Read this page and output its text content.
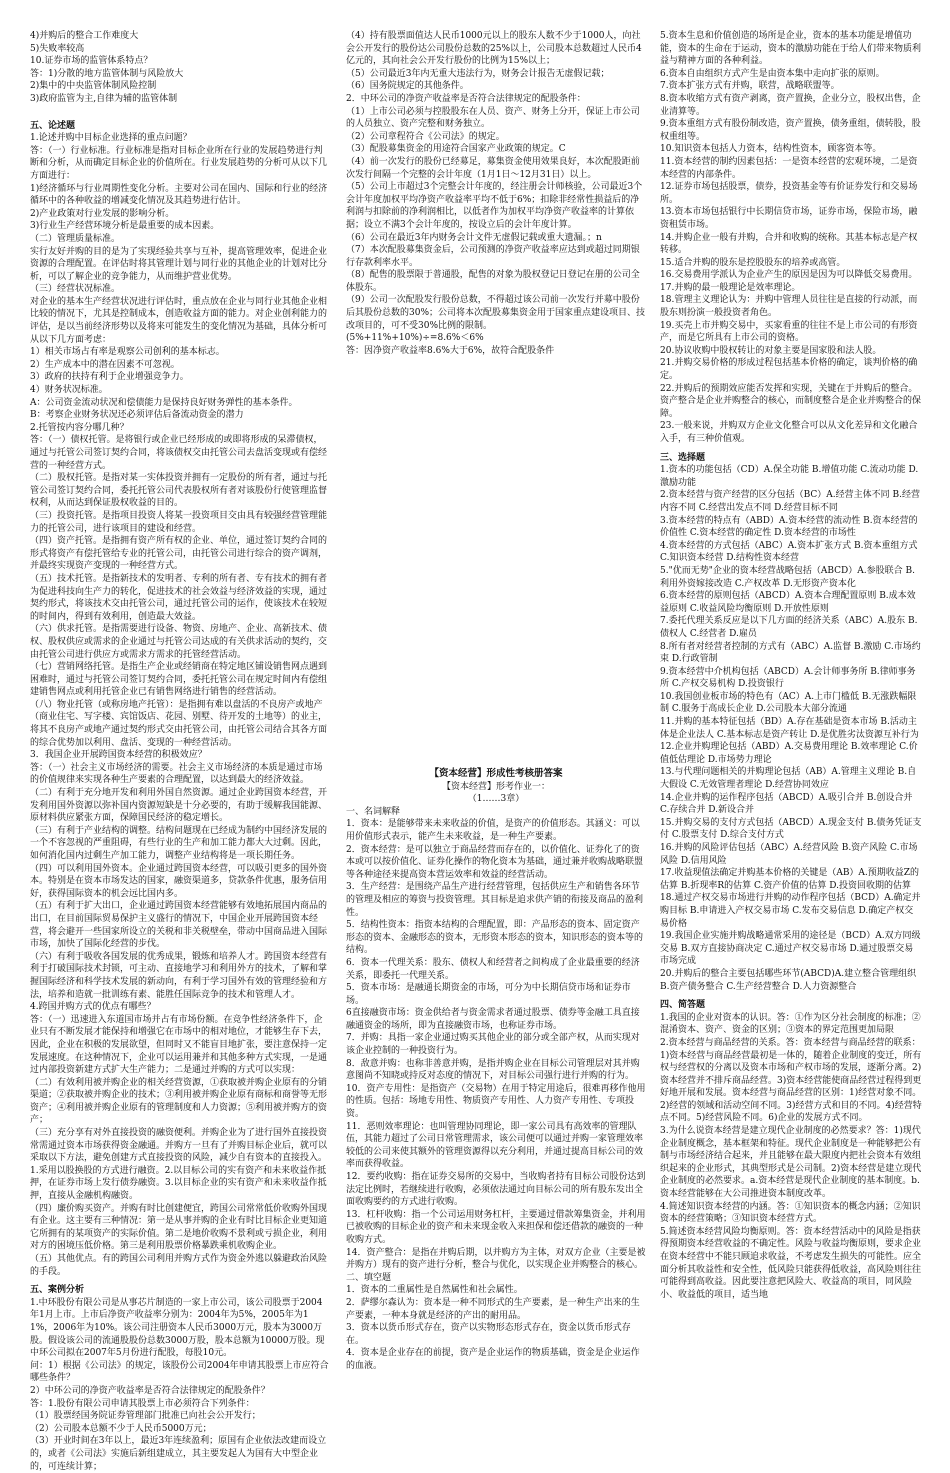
4)并购后的整合工作难度大

5)失败率较高

10.证券市场的监管体系特点？

答：1)分散的地方监管体制与风险放大

2)集中的中央监管体制风险控制

3)政府监管为主,自律为辅的监管体制

五、论述题

1.论述并购中目标企业选择的重点问题？

答：（一）行业标准。行业标准是指对目标企业所在行业的发展趋势进行判断和分析，从而确定目标企业的价值所在。行业发展趋势的分析可从以下几方面进行：

1)经济循环与行业周期性变化分析。主要对公司在国内、国际和行业的经济循环中的各种收益的增减变化情况及其趋势进行估计。

2)产业政策对行业发展的影响分析。

3)行业生产经营环境分析是最重要的成本因素。

（二）管理质量标准。

实行友好并购的目的是为了实现经验共享与互补，提高管理效率，促进企业资源的合理配置。在评估时将其管理计划与同行业的其他企业的计划对比分析，可以了解企业的竞争能力，从而维护营业优势。

（三）经营状况标准。

对企业的基本生产经营状况进行评估时，重点放在企业与同行业其他企业相比较的情况下，尤其是控制成本，创造收益方面的能力。对企业创利能力的评估，是以当前经济形势以及将来可能发生的变化情况为基础，具体分析可从以下几方面考虑：

1）相关市场占有率是观察公司创利的基本标志。

2）生产成本中的潜在因素不可忽视。

3）政府的扶持有利于企业增强竞争力。

4）财务状况标准。

A：公司资金流动状况和偿债能力是保持良好财务弹性的基本条件。

B：考察企业财务状况还必须评估后备流动资金的潜力

2.托管按内容分哪几种？

答：（一）债权托管。是将银行或企业已经形成的或即将形成的呆滞债权，通过与托管公司签订契约合同，将该债权交由托管公司去盘活变现或有偿经营的一种经营方式。

（二）股权托管。是指对某一实体投资并拥有一定股份的所有者，通过与托管公司签订契约合同，委托托管公司代表股权所有者对该股份行使管理监督权利，从而达到保证股权收益的目的。

（三）投资托管。是指项目投资人将某一投资项目交由具有较强经营管理能力的托管公司，进行该项目的建设和经营。

（四）资产托管。是指拥有资产所有权的企业、单位，通过签订契约合同的形式将资产有偿托管给专业的托管公司，由托管公司进行综合的资产调剂，并最终实现资产变现的一种经营方式。

（五）技术托管。是指新技术的发明者、专利的所有者、专有技术的拥有者为促进科技向生产力的转化，促进技术的社会效益与经济效益的实现，通过契约形式，将该技术交由托管公司，通过托管公司的运作，使该技术在较短的时间内，得到有效利用，创造最大效益。

（六）供求托管。是指需要进行设备、物资、房地产、企业、高新技术、债权、股权供应或需求的企业通过与托管公司达成的有关供求活动的契约，交由托管公司进行供应方或需求方需求的托管经营活动。

（七）营销网络托管。是指生产企业或经销商在特定地区铺设销售网点遇到困难时，通过与托管公司签订契约合同，委托托管公司在规定时间内有偿组建销售网点或利用托管企业已有销售网络进行销售的经营活动。

（八）物业托管（或称房地产托管）：是指拥有难以盘活的不良房产或地产（商业住宅、写字楼、宾馆饭店、花园、别墅、待开发的土地等）的业主，将其不良房产或地产通过契约形式交由托管公司，由托管公司结合其各方面的综合优势加以利用、盘活、变现的一种经营活动。

3．我国企业开展跨国资本经营的积极效应？

答：（一）社会主义市场经济的需要。社会主义市场经济的本质是通过市场的价值规律来实现各种生产要素的合理配置，以达到最大的经济效益。

（二）有利于充分地开发和利用外国自然资源。通过企业跨国资本经营，开发利用国外资源以弥补国内资源短缺是十分必要的，有助于缓解我国能源、原材料供应紧张方面，保障国民经济的稳定增长。

（三）有利于产业结构的调整。结构问题现在已经成为制约中国经济发展的一个不容忽视的严重阻碍，有些行业的生产和加工能力都大大过剩。因此，如何消化国内过剩生产加工能力，调整产业结构将是一项长期任务。

（四）可以利用国外资本。企业通过跨国资本经营，可以吸引更多的国外资本。特别是在资本市场发达的国家，融资渠道多，贷款条件优惠，服务信用好，获得国际资本的机会远比国内多。

（五）有利于扩大出口，企业通过跨国资本经营能够有效地拓展国内商品的出口，在目前国际贸易保护主义盛行的情况下，中国企业开展跨国资本经营，将会避开一些国家所设立的关税和非关税壁垒，带动中国商品进入国际市场，加快了国际化经营的步伐。

（六）有利于吸收各国发展的优秀成果，锻炼和培养人才。跨国资本经营有利于打破国际技术封锁，可主动、直接地学习和利用外方的技术，了解和掌握国际经济和科学技术发展的新动向，有利于学习国外有效的管理经验和方法，培养和造就一批训练有素、能胜任国际竞争的技术和管理人才。

4.跨国并购方式的优点有哪些？

答：（一）迅速进入东道国市场并占有市场份额。在竞争性经济条件下，企业只有不断发展才能保持和增强它在市场中的相对地位，才能够生存下去，因此，企业在积极的发展欲望，但同时又不能盲目地扩张，要注意保持一定发展速度。在这种情况下，企业可以运用兼并和其他多种方式实现，一是通过内部投资新建方式扩大生产能力；二是通过并购的方式可以实现：

（二）有效利用被并购企业的相关经营资源，①获取被并购企业原有的分销渠道；②获取被并购企业的技术；③利用被并购企业原有商标和商誉等无形资产；④利用被并购企业原有的管理制度和人力资源；⑤利用被并购方的资产；

（三）充分享有对外直接投资的融资便利。并购企业为了进行国外直接投资常需通过资本市场获得资金融通。并购方一旦有了并购目标企业后，就可以采取以下方法，避免创建方式直接投资的风险，减少自有资本的直接投入。1.采用以股换股的方式进行融资。2.以目标公司的实有资产和未来收益作抵押，在证券市场上发行债券融资。3.以目标企业的实有资产和未来收益作抵押，直接从金融机构融资。

（四）廉价购买资产。并购有时比创建便宜，跨国公司常常低价收购外国现有企业。这主要有三种情况：第一是从事并购的企业有时比目标企业更知道它所拥有的某项资产的实际价值。第二是地价收购不景利或亏损企业，利用对方的困境压低价格。第三是利用股票价格暴跌乘机收购企业。

（五）其他优点。有的跨国公司利用并购方式作为资金外逃以躲避政治风险的手段。

五、案例分析

1.中环股份有限公司是从事芯片制造的一家上市公司，该公司股票于2004年1月上市。上市后净资产收益率分别为：2004年为5%，2005年为11%，2006年为10%。该公司注册资本人民币3000万元，股本为3000万股。假设该公司的流通股股份总数3000万股，股本总额为10000万股。现中环公司拟在2007年5月份进行配股，每股10元。

问：1）根据《公司法》的规定，该股份公司2004年申请其股票上市应符合哪些条件？

2）中环公司的净资产收益率是否符合法律规定的配股条件？

答：1.股份有限公司申请其股票上市必须符合下列条件：

（1）股票经国务院证券管理部门批准已向社会公开发行；

（2）公司股本总额不少于人民币5000万元；

（3）开业时间在3年以上，最近3年连续盈利；原国有企业依法改建而设立的，或者《公司法》实施后新组建成立，其主要发起人为国有大中型企业的，可连续计算；

（4）持有股票面值达人民币1000元以上的股东人数不少于1000人，向社会公开发行的股份达公司股份总数的25%以上，公司股本总数超过人民币4亿元的，其向社会公开发行股份的比例为15%以上；

（5）公司最近3年内无重大违法行为，财务会计报告无虚假记载；

（6）国务院规定的其他条件。

2．中环公司的净资产收益率是否符合法律规定的配股条件：

（1）上市公司必须与控股股东在人员、资产、财务上分开，保证上市公司的人员独立、资产完整和财务独立。

（2）公司章程符合《公司法》的规定。

（3）配股募集资金的用途符合国家产业政策的规定。C

（4）前一次发行的股份已经募足，募集资金使用效果良好，本次配股距前次发行间隔一个完整的会计年度（1月1日～12月31日）以上。

（5）公司上市超过3个完整会计年度的，经注册会计师核验，公司最近3个会计年度加权平均净资产收益率平均不低于6%；扣除非经常性损益后的净利润与扣除前的净利润相比，以低者作为加权平均净资产收益率的计算依据；设立不满3个会计年度的，按设立后的会计年度计算。

（6）公司在最近3年内财务会计文件无虚假记载或重大遗漏。；n

（7）本次配股募集资金后，公司预测的净资产收益率应达到或超过同期银行存款利率水平。

（8）配售的股票限于普通股，配售的对象为股权登记日登记在册的公司全体股东。

（9）公司一次配股发行股份总数，不得超过该公司前一次发行并募中股份后其股份总数的30%；公司将本次配股募集资金用于国家重点建设项目、技改项目的，可不受30%比例的限制。

(5%+11%+10%)÷=8.6%＜6%

答：因净资产收益率8.6%大于6%，故符合配股条件

【资本经营】形成性考核册答案

【资本经营】形考作业一：

（1……3章）

一、名词解释

1．资本：是能够带来未来收益的价值，是资产的价值形态。其涵义：可以用价值形式表示，能产生未来收益，是一种生产要素。

2．资本经营：是可以独立于商品经营而存在的，以价值化、证券化了的资本或可以按价值化、证券化操作的物化资本为基础，通过兼并收购战略联盟等各种途径来提高资本营运效率和效益的经营活动。

3．生产经营：是围绕产品生产进行经营管理，包括供应生产和销售各环节的管理及相应的筹资与投资管理。其目标是追求供产销的衔接及商品的盈利性。

5．结构性资本：指资本结构的合理配置，即：产品形态的资本、固定资产形态的资本、金融形态的资本，无形资本形态的资本，知识形态的资本等的结构。

6．资本一代理关系：股东、债权人和经营者之间构成了企业最重要的经济关系，即委托一代理关系。

5．资本市场：是融通长期资金的市场，可分为中长期信贷市场和证券市场。

6直接融资市场：资金供给者与资金需求者通过股票、债券等金融工具直接融通资金的场所，即为直接融资市场，也称证券市场。

7．并购：具指一家企业通过购买其他企业的部分或全部产权，从而实现对该企业控制的一种投资行为。

8．敌意并购：也称非善意并购，是指并购企业在目标公司管理层对其并购意图尚不知晓或持反对态度的情况下，对目标公司强行进行并购的行为。

10．资产专用性：是指资产（交易物）在用于特定用途后，很难再移作他用的性质。包括：场地专用性、物质资产专用性、人力资产专用性、专项投资。

11．恶则效率理论：也叫管理协同理论，即一家公司具有高效率的管理队伍，其能力超过了公司日常管理需求，该公司便可以通过并购一家管理效率较低的公司来使其额外的管理资源得以充分利用，并通过提高目标公司的效率而获得收益。

12．要约收购：指在证券交易所的交易中，当收购者持有目标公司股份达到法定比例时，若继续进行收购，必须依法通过向目标公司的所有股东发出全面收购要约的方式进行收购。

13．杠杆收购：指一个公司运用财务杠杆，主要通过借款筹集资金，并利用已被收购的目标企业的资产和未来现金收入来担保和偿还借款的融资的一种收购方式。

14．资产整合：是指在并购后期，以并购方为主体，对双方企业（主要是被并购方）现有的资产进行分析，整合与优化，以实现企业并购整合的核心。

二、填空题

1．资本的二重属性是自然属性和社会属性。

2．萨缪尔森认为：资本是一种不同形式的生产要素，是一种生产出来的生产要素，一种本身就是经济的产出的耐用品。

3．资本以货币形式存在，资产以实物形态形式存在，资金以货币形式存在。

4．资本是企业存在的前提，资产是企业运作的物质基础，资金是企业运作的血液。

5.资本生息和价值创造的场所是企业，资本的基本功能是增值功能，资本的生命在于运动，资本的激励功能在于给人们带来物质利益与精神方面的各种利益。

6.资本自由组织方式产生是由资本集中走向扩张的原则。

7.资本扩张方式有并购，联营，战略联盟等。

8.资本收缩方式有资产剥离，资产置换，企业分立，股权出售，企业清算等。

9.资本重组方式有股份制改造，资产置换，债务重组，债转股，股权重组等。

10.知识资本包括人力资本，结构性资本，顾客资本等。

11.资本经营的制约因素包括：一是资本经营的宏观环境，二是资本经营的内部条件。

12.证券市场包括股票，债券，投资基金等有价证券发行和交易场所。

13.资本市场包括银行中长期信贷市场，证券市场，保险市场，融资租赁市场。

14.并购企业一般有并购，合并和收购的统称。其基本标志是产权转移。

15.适合并购的股东是控股股东的培养或高管。

16.交易费用学派认为企业产生的原因是因为可以降低交易费用。

17.并购的最一般理论是效率理论。

18.管理主义理论认为：并购中管理人员往往是直接的行动派，而股东则扮演一般投资者角色。

19.买壳上市并购交易中，买家看重的往往不是上市公司的有形资产，而是它所具有上市公司的资格。

20.协议收购中股权转让的对象主要是国家股和法人股。

21.并购交易价格的形成过程包括基本价格的确定，谈判价格的确定。

22.并购后的预期效应能否发挥和实现，关键在于并购后的整合。资产整合是企业并购整合的核心，而制度整合是企业并购整合的保障。

23.一般来说，并购双方企业文化整合可以从文化差异和文化融合入手，有三种价值观。

三、选择题

1.资本的功能包括（CD）A.保全功能 B.增值功能 C.流动功能 D.激励功能

2.资本经营与资产经营的区分包括（BC）A.经营主体不同 B.经营内容不同 C.经营出发点不同 D.经营目标不同

3.资本经营的特点有（ABD）A.资本经营的流动性 B.资本经营的价值性 C.资本经营的确定性 D.资本经营的市场性

4.资本经营的方式包括（ABC）A.资本扩张方式 B.资本重组方式 C.知识资本经营 D.结构性资本经营

5."优而无势"企业的资本经营战略包括（ABCD）A.参股联合 B.利用外资嫁接改造 C.产权改革 D.无形资产资本化

6.资本经营的原则包括（ABCD）A.资本合理配置原则 B.成本效益原则 C.收益风险均衡原则 D.开放性原则

7.委托代理关系反应是以下几方面的经济关系（ABC）A.股东 B.债权人 C.经营者 D.雇员

8.所有者对经营者控制的方式有（ABC）A.监督 B.激励 C.市场约束 D.行政管制

9.资本经营中介机构包括（ABCD）A.会计师事务所 B.律师事务所 C.产权交易机构 D.投资银行

10.我国创业板市场的特色有（AC）A.上市门槛低 B.无涨跌幅限制 C.服务于高成长企业 D.公司股本大部分流通

11.并购的基本特征包括（BD）A.存在基础是资本市场 B.活动主体是企业法人 C.基本标志是资产转让 D.是优胜劣汰资源互补行为

12.企业并购理论包括（ABD）A.交易费用理论 B.效率理论 C.价值低估理论 D.市场势力理论

13.与代理问题相关的并购理论包括（AB）A.管理主义理论 B.自大假设 C.无效管理者理论 D.经营协同效应

14.企业并购的运作程序包括（ABCD）A.吸引合并 B.创设合并 C.存续合并 D.新设合并

15.并购交易的支付方式包括（ABCD）A.现金支付 B.债务凭证支付 C.股票支付 D.综合支付方式

16.并购的风险评估包括（ABC）A.经营风险 B.资产风险 C.市场风险 D.信用风险

17.收益现值法确定并购基本价格的关键是（AB）A.预期收益Z的估算 B.折现率R的估算 C.资产价值的估算 D.投资回收期的估算

18.通过产权交易市场进行并购的动作程序包括（BCD）A.确定并购目标 B.申请进入产权交易市场 C.发布交易信息 D.确定产权交易价格

19.我国企业实施并购战略通常采用的途径是（BCD）A.双方同级交易 B.双方直接协商决定 C.通过产权交易市场 D.通过股票交易市场完成

20.并购后的整合主要包括哪些环节(ABCD)A.建立整合管理组织 B.资产债务整合 C.生产经营整合 D.人力资源整合

四、简答题

1.我国的企业对资本的认识。答：①作为区分社会制度的标准；②混淆资本、资产、资金的区别；③资本的界定范围更加局限

2.资本经营与商品经营的关系。答：资本经营与商品经营的联系：1)资本经营与商品经营最初是一体的，随着企业制度的变迁，所有权与经营权的分离以及资本市场和产权市场的发展，逐渐分离。2)资本经营并不排斥商品经营。3)资本经营能使商品经营过程得到更好地开展和发展。资本经营与商品经营的区别：1)经营对象不同。2)经营的领域和活动空间不同。3)经营方式和目的不同。4)经营特点不同。5)经营风险不同。6)企业的发展方式不同。

3.为什么说资本经营是建立现代企业制度的必然要求？答：1)现代企业制度概念，基本框架和特征。现代企业制度是一种能够把公有制与市场经济结合起来，并且能够在最大限度内把社会资本有效组织起来的企业形式，其典型形式是公司制。2)资本经营是建立现代企业制度的必然要求。a.资本经营是现代企业制度的基本制度。b.资本经营能够在大公司推进资本制度改革。

4.简述知识资本经营的内涵。答：①知识资本的概念内涵；②知识资本的经营策略；③知识资本经营方式。

5.简述资本经营风险均衡原则。答：资本经营活动中的风险是指获得预期资本经营收益的不确定性。风险与收益均衡原则，要求企业在资本经营中不能只顾追求收益，不考虑发生损失的可能性。应全面分析其收益性和安全性，低风险只能获得低收益，高风险则往往可能得到高收益。因此要注意把风险大、收益高的项目，同风险小、收益低的项目，适当地
